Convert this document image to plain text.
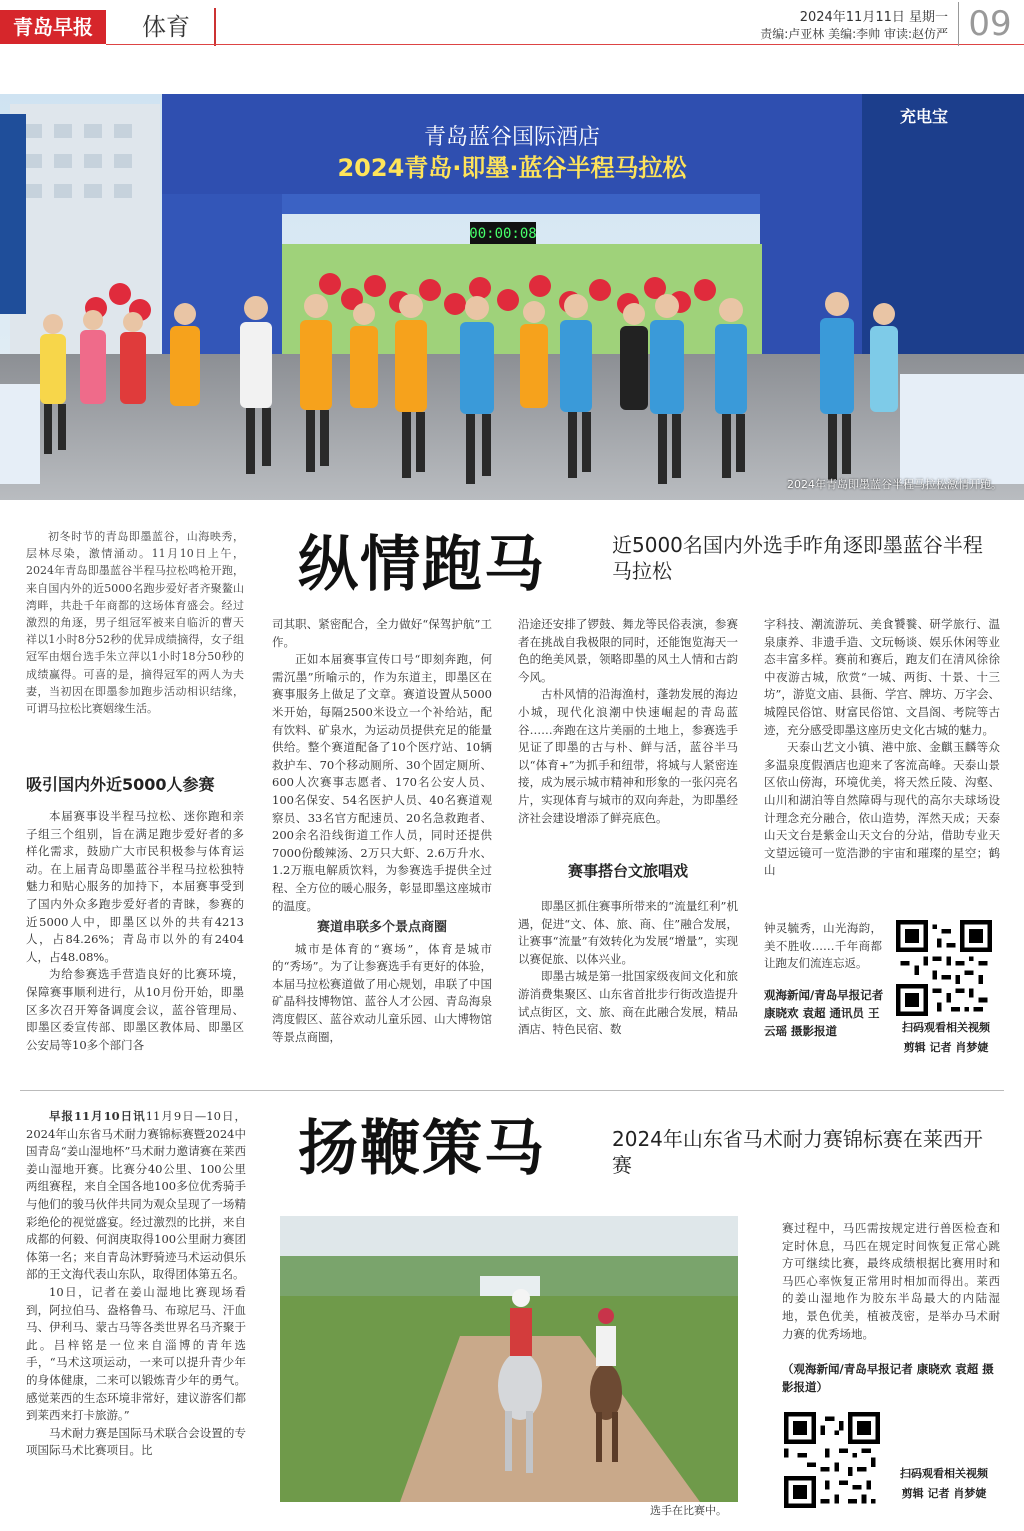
青岛早报	体育	2024年11月11日 星期一
责编:卢亚林 美编:李帅 审读:赵仿严 09
青岛蓝谷国际酒店
2024青岛·即墨·蓝谷半程马拉松
00:00:08
充电宝
2024年青岛即墨蓝谷半程马拉松激情开跑。

初冬时节的青岛即墨蓝谷，山海映秀，层林尽染，激情涌动。11月10日上午，2024年青岛即墨蓝谷半程马拉松鸣枪开跑，来自国内外的近5000名跑步爱好者齐聚鳌山湾畔，共赴千年商都的这场体育盛会。经过激烈的角逐，男子组冠军被来自临沂的曹天祥以1小时8分52秒的优异成绩摘得，女子组冠军由烟台选手朱立萍以1小时18分50秒的成绩赢得。可喜的是，摘得冠军的两人为夫妻，当初因在即墨参加跑步活动相识结缘，可谓马拉松比赛姻缘生活。

吸引国内外近5000人参赛

本届赛事设半程马拉松、迷你跑和亲子组三个组别，旨在满足跑步爱好者的多样化需求，鼓励广大市民积极参与体育运动。在上届青岛即墨蓝谷半程马拉松独特魅力和贴心服务的加持下，本届赛事受到了国内外众多跑步爱好者的青睐，参赛的近5000人中，即墨区以外的共有4213人，占84.26%；青岛市以外的有2404人，占48.08%。

为给参赛选手营造良好的比赛环境，保障赛事顺利进行，从10月份开始，即墨区多次召开筹备调度会议，蓝谷管理局、即墨区委宣传部、即墨区教体局、即墨区公安局等10多个部门各

纵情跑马	近5000名国内外选手昨角逐即墨蓝谷半程马拉松

司其职、紧密配合，全力做好“保驾护航”工作。

正如本届赛事宣传口号“即刻奔跑，何需沉墨”所喻示的，作为东道主，即墨区在赛事服务上做足了文章。赛道设置从5000米开始，每隔2500米设立一个补给站，配有饮料、矿泉水，为运动员提供充足的能量供给。整个赛道配备了10个医疗站、10辆救护车、70个移动厕所、30个固定厕所、600人次赛事志愿者、170名公安人员、100名保安、54名医护人员、40名赛道观察员、33名官方配速员、20名急救跑者、200余名沿线街道工作人员，同时还提供7000份酸辣汤、2万只大虾、2.6万升水、1.2万瓶电解质饮料，为参赛选手提供全过程、全方位的暖心服务，彰显即墨这座城市的温度。

赛道串联多个景点商圈

城市是体育的“赛场”，体育是城市的“秀场”。为了让参赛选手有更好的体验，本届马拉松赛道做了用心规划，串联了中国矿晶科技博物馆、蓝谷人才公园、青岛海泉湾度假区、蓝谷欢动儿童乐园、山大博物馆等景点商圈，

沿途还安排了锣鼓、舞龙等民俗表演，参赛者在挑战自我极限的同时，还能饱览海天一色的绝美风景，领略即墨的风土人情和古韵今风。

古朴风情的沿海渔村，蓬勃发展的海边小城，现代化浪潮中快速崛起的青岛蓝谷……奔跑在这片美丽的土地上，参赛选手见证了即墨的古与朴、鲜与活，蓝谷半马以“体育+”为抓手和纽带，将城与人紧密连接，成为展示城市精神和形象的一张闪亮名片，实现体育与城市的双向奔赴，为即墨经济社会建设增添了鲜亮底色。

赛事搭台文旅唱戏

即墨区抓住赛事所带来的“流量红利”机遇，促进“文、体、旅、商、住”融合发展，让赛事“流量”有效转化为发展“增量”，实现以赛促旅、以体兴业。

即墨古城是第一批国家级夜间文化和旅游消费集聚区、山东省首批步行街改造提升试点街区，文、旅、商在此融合发展，精品酒店、特色民宿、数

字科技、潮流游玩、美食饕餮、研学旅行、温泉康养、非遗手造、文玩畅谈、娱乐休闲等业态丰富多样。赛前和赛后，跑友们在清风徐徐中夜游古城，欣赏“一城、两街、十景、十三坊”，游览文庙、县衙、学宫、牌坊、万字会、城隍民俗馆、财富民俗馆、文昌阁、考院等古迹，充分感受即墨这座历史文化古城的魅力。

天泰山艺文小镇、港中旅、金麒玉麟等众多温泉度假酒店也迎来了客流高峰。天泰山景区依山傍海，环境优美，将天然丘陵、沟壑、山川和湖泊等自然障碍与现代的高尔夫球场设计理念充分融合，依山造势，浑然天成；天泰山天文台是紫金山天文台的分站，借助专业天文望远镜可一览浩渺的宇宙和璀璨的星空；鹤山

钟灵毓秀，山光海韵，美不胜收……千年商都让跑友们流连忘返。

观海新闻/青岛早报记者 康晓欢 袁超 通讯员 王云瑶 摄影报道	扫码观看相关视频
剪辑 记者 肖梦婕

早报11月10日讯11月9日—10日，2024年山东省马术耐力赛锦标赛暨2024中国青岛“姜山湿地杯”马术耐力邀请赛在莱西姜山湿地开赛。比赛分40公里、100公里两组赛程，来自全国各地100多位优秀骑手与他们的骏马伙伴共同为观众呈现了一场精彩绝伦的视觉盛宴。经过激烈的比拼，来自成都的何毅、何润庚取得100公里耐力赛团体第一名；来自青岛沐野骑迹马术运动俱乐部的王文海代表山东队，取得团体第五名。

10日，记者在姜山湿地比赛现场看到，阿拉伯马、盎格鲁马、布琼尼马、汗血马、伊利马、蒙古马等各类世界名马齐聚于此。吕梓铭是一位来自淄博的青年选手，“马术这项运动，一来可以提升青少年的身体健康，二来可以锻炼青少年的勇气。感觉莱西的生态环境非常好，建议游客们都到莱西来打卡旅游。”

马术耐力赛是国际马术联合会设置的专项国际马术比赛项目。比

扬鞭策马	2024年山东省马术耐力赛锦标赛在莱西开赛
选手在比赛中。

赛过程中，马匹需按规定进行兽医检查和定时休息，马匹在规定时间恢复正常心跳方可继续比赛，最终成绩根据比赛用时和马匹心率恢复正常用时相加而得出。莱西的姜山湿地作为胶东半岛最大的内陆湿地，景色优美，植被茂密，是举办马术耐力赛的优秀场地。

（观海新闻/青岛早报记者 康晓欢 袁超 摄影报道）
扫码观看相关视频
剪辑 记者 肖梦婕
